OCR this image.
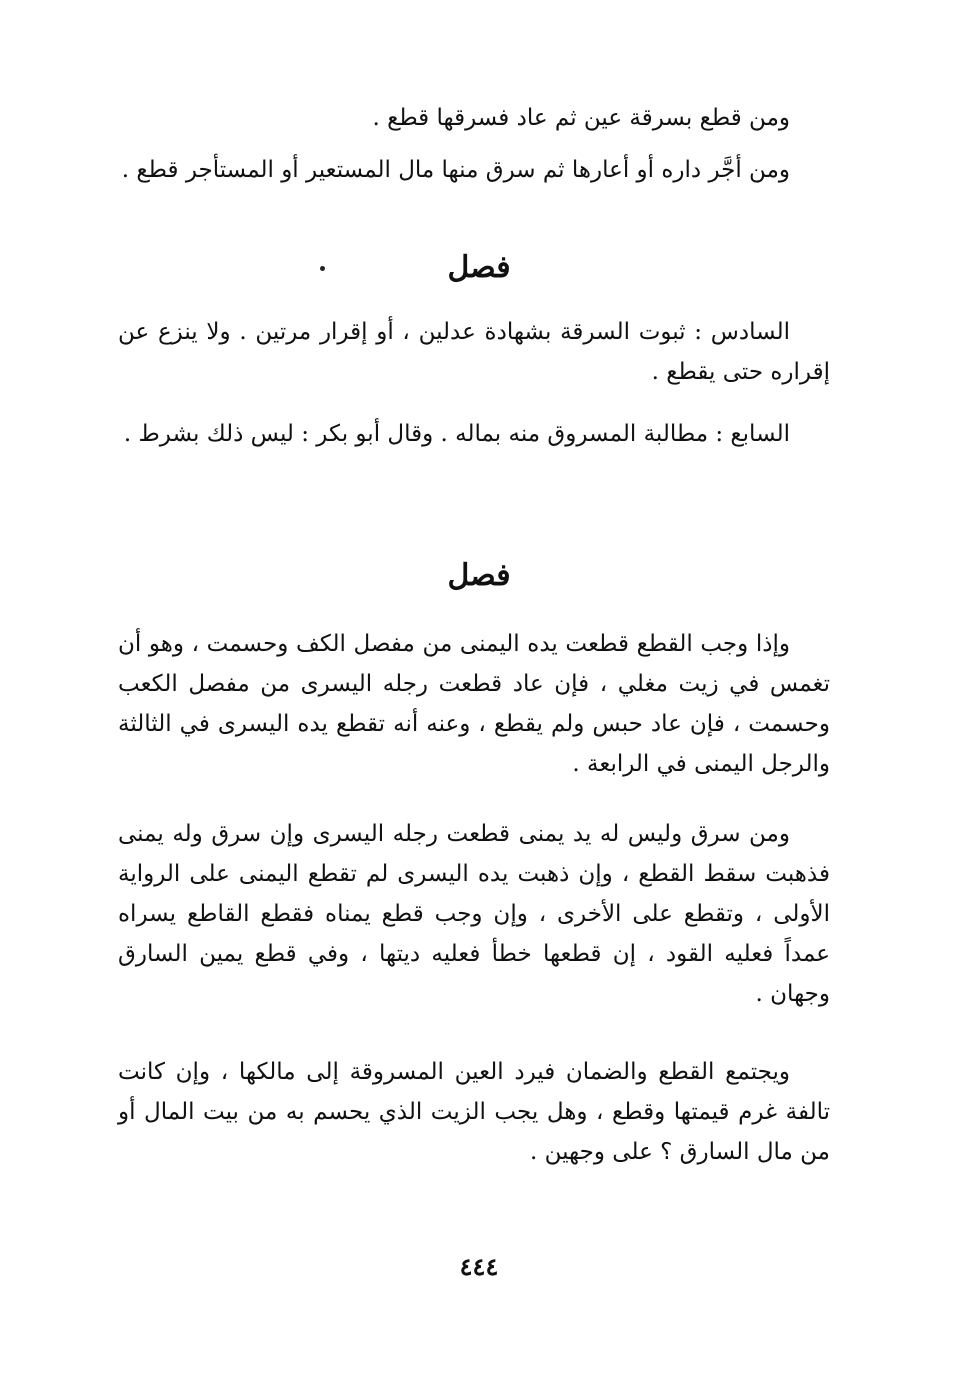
ومن قطع بسرقة عين ثم عاد فسرقها قطع .

ومن أجَّر داره أو أعارها ثم سرق منها مال المستعير أو المستأجر قطع .

فصل

السادس : ثبوت السرقة بشهادة عدلين ، أو إقرار مرتين . ولا ينزع عن إقراره حتى يقطع .

السابع : مطالبة المسروق منه بماله . وقال أبو بكر : ليس ذلك بشرط .

فصل

وإذا وجب القطع قطعت يده اليمنى من مفصل الكف وحسمت ، وهو أن تغمس في زيت مغلي ، فإن عاد قطعت رجله اليسرى من مفصل الكعب وحسمت ، فإن عاد حبس ولم يقطع ، وعنه أنه تقطع يده اليسرى في الثالثة والرجل اليمنى في الرابعة .

ومن سرق وليس له يد يمنى قطعت رجله اليسرى وإن سرق وله يمنى فذهبت سقط القطع ، وإن ذهبت يده اليسرى لم تقطع اليمنى على الرواية الأولى ، وتقطع على الأخرى ، وإن وجب قطع يمناه فقطع القاطع يسراه عمداً فعليه القود ، إن قطعها خطأ فعليه ديتها ، وفي قطع يمين السارق وجهان .

ويجتمع القطع والضمان فيرد العين المسروقة إلى مالكها ، وإن كانت تالفة غرم قيمتها وقطع ، وهل يجب الزيت الذي يحسم به من بيت المال أو من مال السارق ؟ على وجهين .

٤٤٤
